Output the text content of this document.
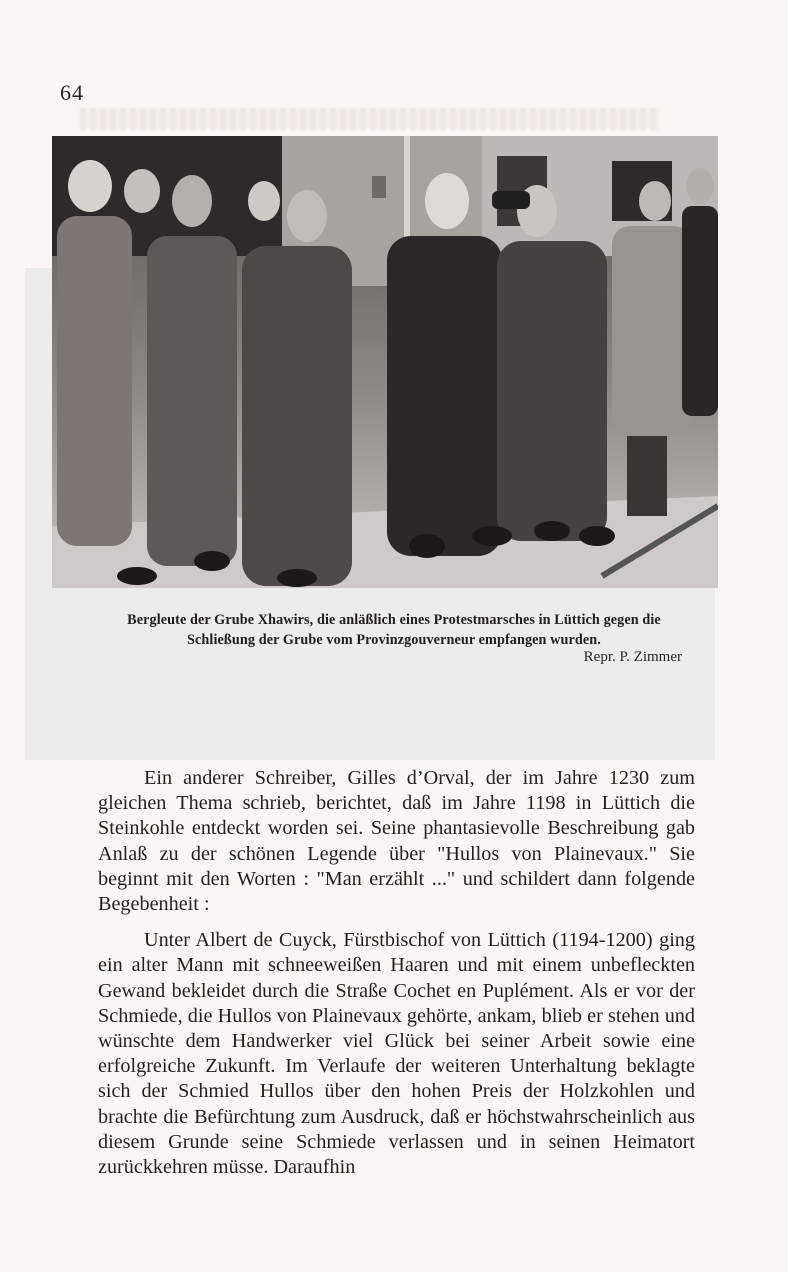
64
Bergleute der Grube Xhawirs, die anläßlich eines Protestmarsches in Lüttich gegen die Schließung der Grube vom Provinzgouverneur empfangen wurden.
Repr. P. Zimmer

Ein anderer Schreiber, Gilles d’Orval, der im Jahre 1230 zum gleichen Thema schrieb, berichtet, daß im Jahre 1198 in Lüttich die Steinkohle entdeckt worden sei. Seine phantasievolle Beschreibung gab Anlaß zu der schönen Legende über "Hullos von Plainevaux." Sie beginnt mit den Worten : "Man erzählt ..." und schildert dann folgende Begebenheit :

Unter Albert de Cuyck, Fürstbischof von Lüttich (1194-1200) ging ein alter Mann mit schneeweißen Haaren und mit einem unbefleckten Gewand bekleidet durch die Straße Cochet en Puplément. Als er vor der Schmiede, die Hullos von Plainevaux gehörte, ankam, blieb er stehen und wünschte dem Handwerker viel Glück bei seiner Arbeit sowie eine erfolgreiche Zukunft. Im Verlaufe der weiteren Unterhaltung beklagte sich der Schmied Hullos über den hohen Preis der Holzkohlen und brachte die Befürchtung zum Ausdruck, daß er höchstwahrscheinlich aus diesem Grunde seine Schmiede verlassen und in seinen Heimatort zurückkehren müsse. Daraufhin
